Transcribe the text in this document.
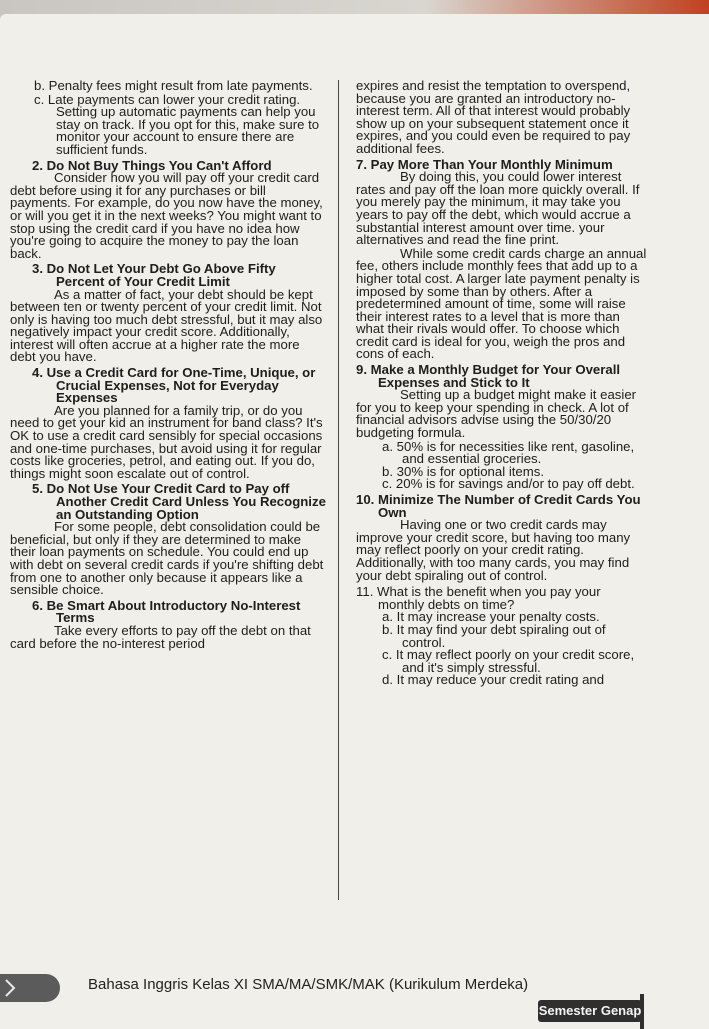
b. Penalty fees might result from late payments.

c. Late payments can lower your credit rating. Setting up automatic payments can help you stay on track. If you opt for this, make sure to monitor your account to ensure there are sufficient funds.

2. Do Not Buy Things You Can't Afford

Consider how you will pay off your credit card debt before using it for any purchases or bill payments. For example, do you now have the money, or will you get it in the next weeks? You might want to stop using the credit card if you have no idea how you're going to acquire the money to pay the loan back.

3. Do Not Let Your Debt Go Above Fifty Percent of Your Credit Limit

As a matter of fact, your debt should be kept between ten or twenty percent of your credit limit. Not only is having too much debt stressful, but it may also negatively impact your credit score. Additionally, interest will often accrue at a higher rate the more debt you have.

4. Use a Credit Card for One-Time, Unique, or Crucial Expenses, Not for Everyday Expenses

Are you planned for a family trip, or do you need to get your kid an instrument for band class? It's OK to use a credit card sensibly for special occasions and one-time purchases, but avoid using it for regular costs like groceries, petrol, and eating out. If you do, things might soon escalate out of control.

5. Do Not Use Your Credit Card to Pay off Another Credit Card Unless You Recognize an Outstanding Option

For some people, debt consolidation could be beneficial, but only if they are determined to make their loan payments on schedule. You could end up with debt on several credit cards if you're shifting debt from one to another only because it appears like a sensible choice.

6. Be Smart About Introductory No-Interest Terms

Take every efforts to pay off the debt on that card before the no-interest period

expires and resist the temptation to overspend, because you are granted an introductory no-interest term. All of that interest would probably show up on your subsequent statement once it expires, and you could even be required to pay additional fees.

7. Pay More Than Your Monthly Minimum

By doing this, you could lower interest rates and pay off the loan more quickly overall. If you merely pay the minimum, it may take you years to pay off the debt, which would accrue a substantial interest amount over time. your alternatives and read the fine print.

While some credit cards charge an annual fee, others include monthly fees that add up to a higher total cost. A larger late payment penalty is imposed by some than by others. After a predetermined amount of time, some will raise their interest rates to a level that is more than what their rivals would offer. To choose which credit card is ideal for you, weigh the pros and cons of each.

9. Make a Monthly Budget for Your Overall Expenses and Stick to It

Setting up a budget might make it easier for you to keep your spending in check. A lot of financial advisors advise using the 50/30/20 budgeting formula.

a. 50% is for necessities like rent, gasoline, and essential groceries.

b. 30% is for optional items.

c. 20% is for savings and/or to pay off debt.

10. Minimize The Number of Credit Cards You Own

Having one or two credit cards may improve your credit score, but having too many may reflect poorly on your credit rating. Additionally, with too many cards, you may find your debt spiraling out of control.

11. What is the benefit when you pay your monthly debts on time?

a. It may increase your penalty costs.

b. It may find your debt spiraling out of control.

c. It may reflect poorly on your credit score, and it's simply stressful.

d. It may reduce your credit rating and

Bahasa Inggris Kelas XI SMA/MA/SMK/MAK (Kurikulum Merdeka)
Semester Genap
